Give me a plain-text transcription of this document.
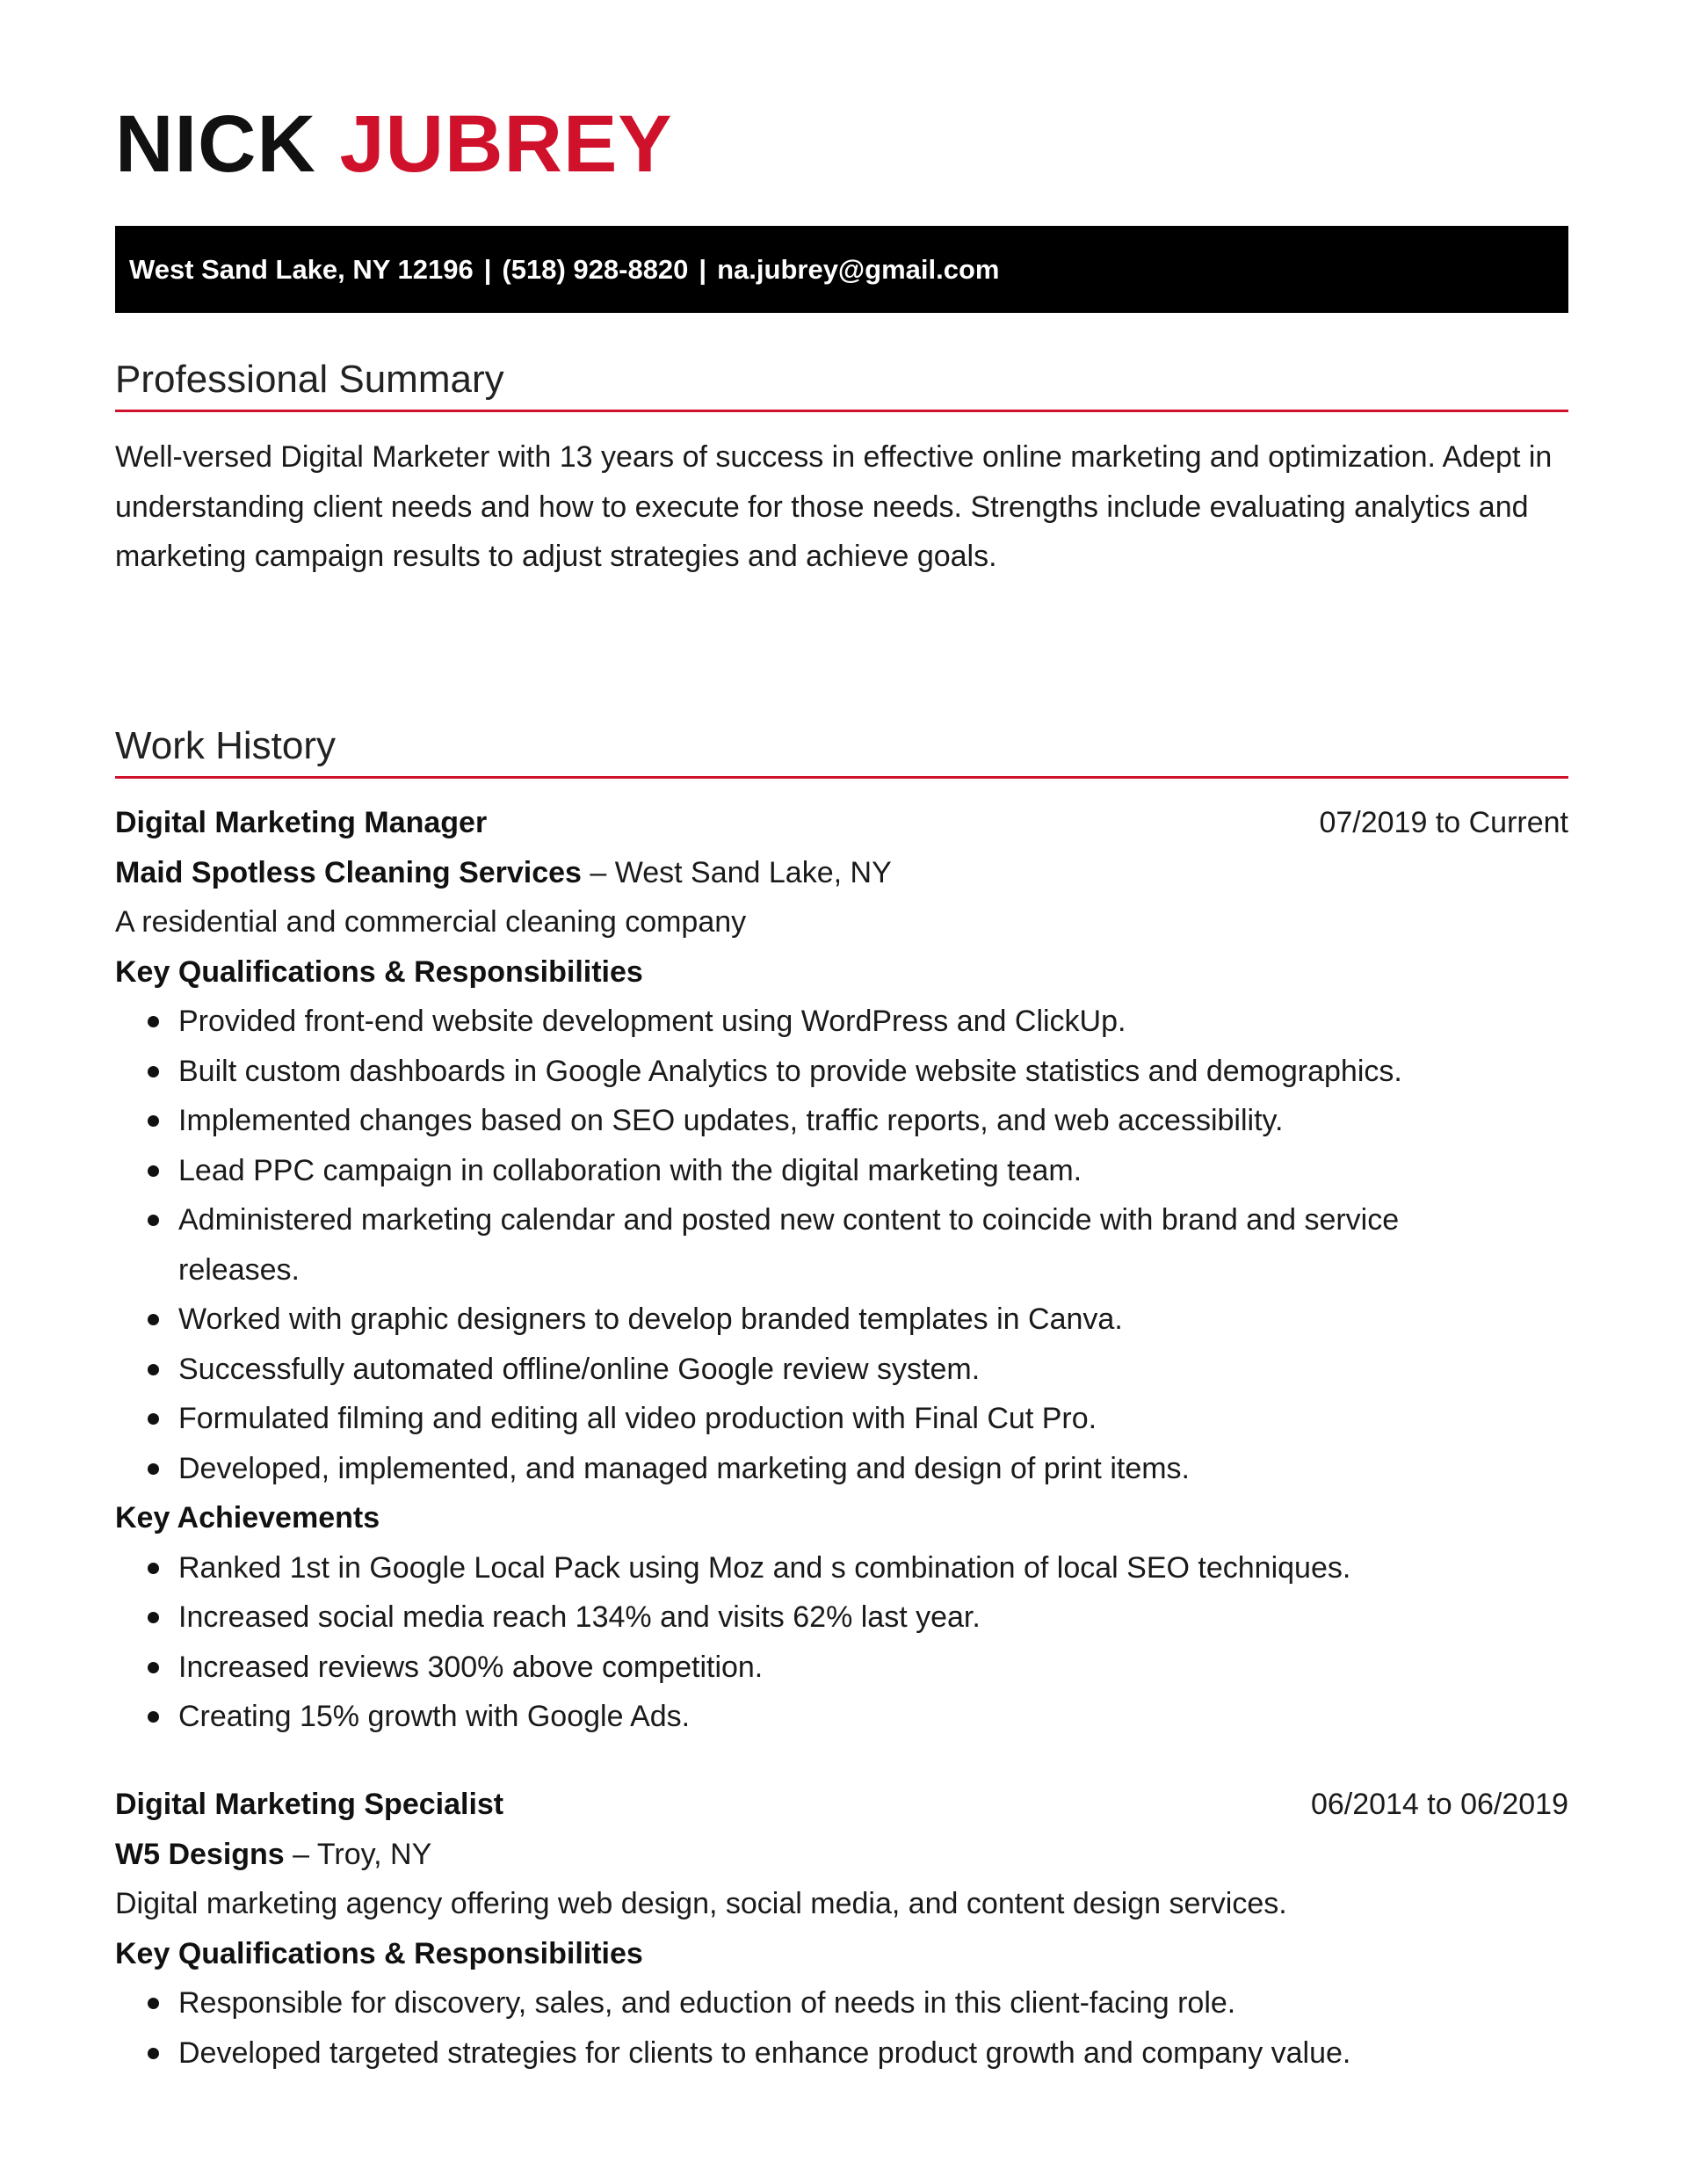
NICK JUBREY
West Sand Lake, NY 12196 | (518) 928-8820 | na.jubrey@gmail.com
Professional Summary
Well-versed Digital Marketer with 13 years of success in effective online marketing and optimization. Adept in understanding client needs and how to execute for those needs. Strengths include evaluating analytics and marketing campaign results to adjust strategies and achieve goals.
Work History
Digital Marketing Manager	07/2019 to Current
Maid Spotless Cleaning Services – West Sand Lake, NY
A residential and commercial cleaning company
Key Qualifications & Responsibilities
Provided front-end website development using WordPress and ClickUp.
Built custom dashboards in Google Analytics to provide website statistics and demographics.
Implemented changes based on SEO updates, traffic reports, and web accessibility.
Lead PPC campaign in collaboration with the digital marketing team.
Administered marketing calendar and posted new content to coincide with brand and service releases.
Worked with graphic designers to develop branded templates in Canva.
Successfully automated offline/online Google review system.
Formulated filming and editing all video production with Final Cut Pro.
Developed, implemented, and managed marketing and design of print items.
Key Achievements
Ranked 1st in Google Local Pack using Moz and s combination of local SEO techniques.
Increased social media reach 134% and visits 62% last year.
Increased reviews 300% above competition.
Creating 15% growth with Google Ads.
Digital Marketing Specialist	06/2014 to 06/2019
W5 Designs – Troy, NY
Digital marketing agency offering web design, social media, and content design services.
Key Qualifications & Responsibilities
Responsible for discovery, sales, and eduction of needs in this client-facing role.
Developed targeted strategies for clients to enhance product growth and company value.
